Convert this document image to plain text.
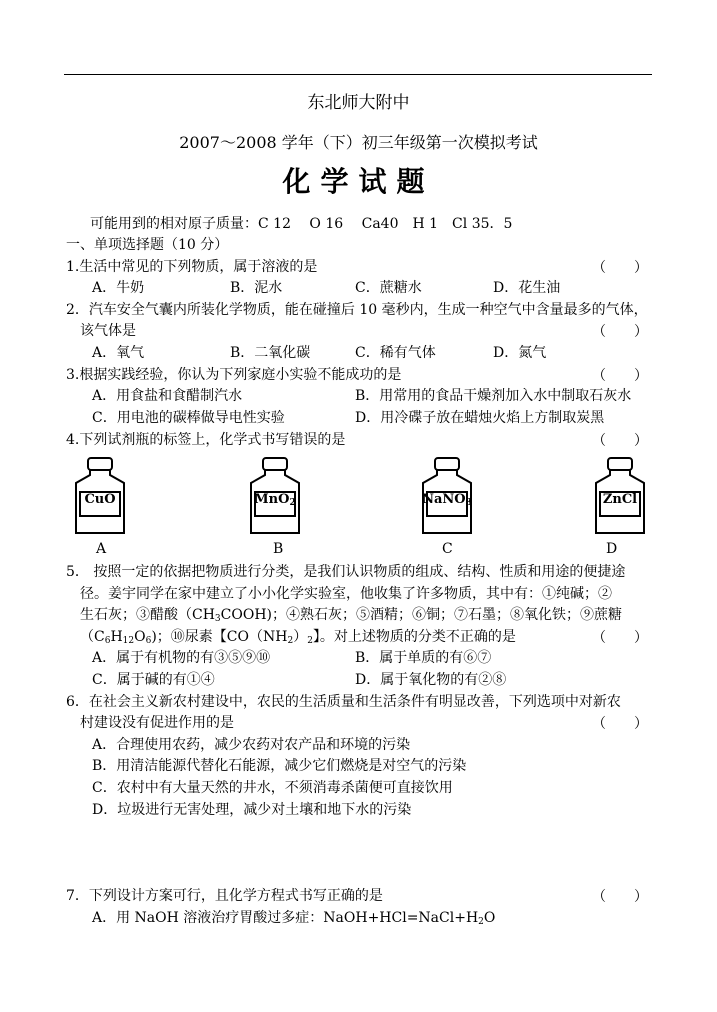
东北师大附中
2007～2008 学年（下）初三年级第一次模拟考试
化学试题
可能用到的相对原子质量：C 12　 O 16　 Ca40　H 1　Cl 35．5
一、单项选择题（10 分）
1.生活中常见的下列物质，属于溶液的是	（　　）
A．牛奶	B．泥水	C．蔗糖水	D．花生油
2．汽车安全气囊内所装化学物质，能在碰撞后 10 毫秒内，生成一种空气中含量最多的气体，
该气体是	（　　）
A．氧气	B．二氧化碳	C．稀有气体	D．氮气
3.根据实践经验，你认为下列家庭小实验不能成功的是	（　　）
A．用食盐和食醋制汽水	B．用常用的食品干燥剂加入水中制取石灰水
C．用电池的碳棒做导电性实验	D．用冷碟子放在蜡烛火焰上方制取炭黑
4.下列试剂瓶的标签上，化学式书写错误的是	（　　）
CuO	MnO$_2$	NaNO$_3$	ZnCl
A	B	C	D
5． 按照一定的依据把物质进行分类，是我们认识物质的组成、结构、性质和用途的便捷途
径。姜宇同学在家中建立了小小化学实验室，他收集了许多物质，其中有：①纯碱；②
生石灰；③醋酸$(CH_3COOH)$；④熟石灰；⑤酒精；⑥铜；⑦石墨；⑧氧化铁；⑨蔗糖
$(C_6H_{12}O_6)$；⑩尿素【$CO(NH_2)_2$】。对上述物质的分类不正确的是	（　　）
A．属于有机物的有③⑤⑨⑩	B．属于单质的有⑥⑦
C．属于碱的有①④	D．属于氧化物的有②⑧
6．在社会主义新农村建设中，农民的生活质量和生活条件有明显改善，下列选项中对新农
村建设没有促进作用的是	（　　）
A．合理使用农药，减少农药对农产品和环境的污染
B．用清洁能源代替化石能源，减少它们燃烧是对空气的污染
C．农村中有大量天然的井水，不须消毒杀菌便可直接饮用
D．垃圾进行无害处理，减少对土壤和地下水的污染
7．下列设计方案可行，且化学方程式书写正确的是	（　　）
A．用 NaOH 溶液治疗胃酸过多症：$NaOH+HCl=NaCl+H_2O$
